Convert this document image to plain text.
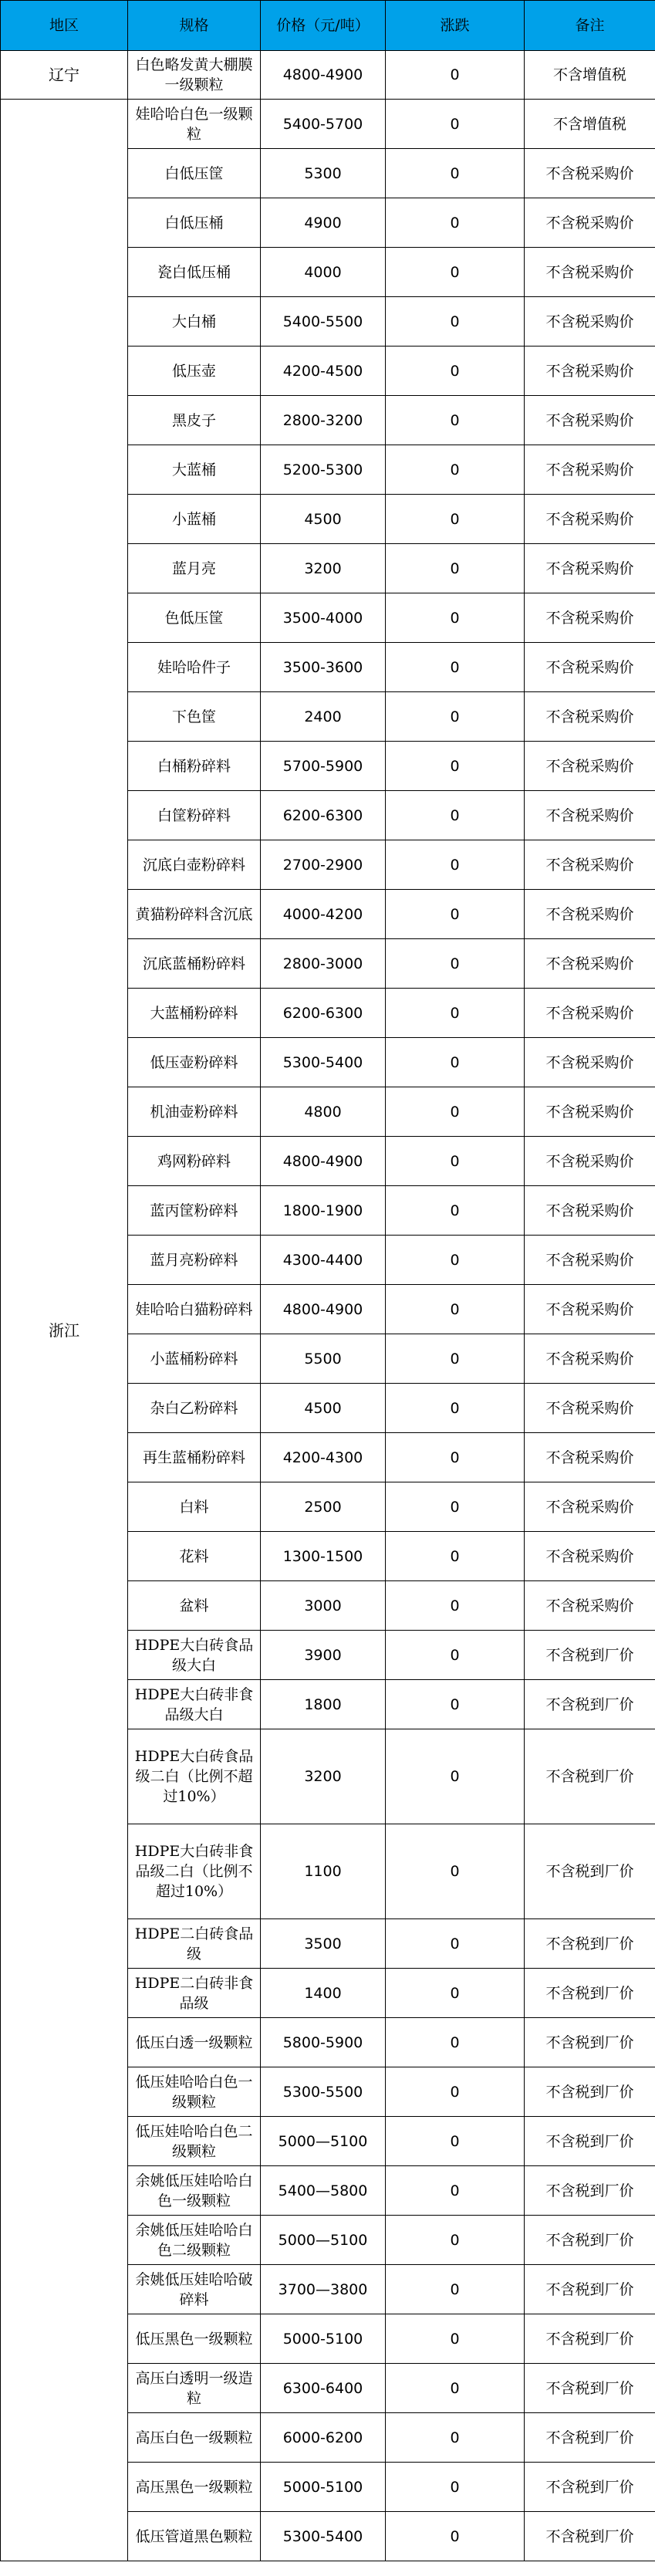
地区	规格	价格（元/吨）	涨跌	备注
辽宁	白色略发黄大棚膜一级颗粒	4800-4900	0	不含增值税
浙江	娃哈哈白色一级颗粒	5400-5700	0	不含增值税
	白低压筐	5300	0	不含税采购价
	白低压桶	4900	0	不含税采购价
	瓷白低压桶	4000	0	不含税采购价
	大白桶	5400-5500	0	不含税采购价
	低压壶	4200-4500	0	不含税采购价
	黑皮子	2800-3200	0	不含税采购价
	大蓝桶	5200-5300	0	不含税采购价
	小蓝桶	4500	0	不含税采购价
	蓝月亮	3200	0	不含税采购价
	色低压筐	3500-4000	0	不含税采购价
	娃哈哈件子	3500-3600	0	不含税采购价
	下色筐	2400	0	不含税采购价
	白桶粉碎料	5700-5900	0	不含税采购价
	白筐粉碎料	6200-6300	0	不含税采购价
	沉底白壶粉碎料	2700-2900	0	不含税采购价
	黄猫粉碎料含沉底	4000-4200	0	不含税采购价
	沉底蓝桶粉碎料	2800-3000	0	不含税采购价
	大蓝桶粉碎料	6200-6300	0	不含税采购价
	低压壶粉碎料	5300-5400	0	不含税采购价
	机油壶粉碎料	4800	0	不含税采购价
	鸡网粉碎料	4800-4900	0	不含税采购价
	蓝丙筐粉碎料	1800-1900	0	不含税采购价
	蓝月亮粉碎料	4300-4400	0	不含税采购价
	娃哈哈白猫粉碎料	4800-4900	0	不含税采购价
	小蓝桶粉碎料	5500	0	不含税采购价
	杂白乙粉碎料	4500	0	不含税采购价
	再生蓝桶粉碎料	4200-4300	0	不含税采购价
	白料	2500	0	不含税采购价
	花料	1300-1500	0	不含税采购价
	盆料	3000	0	不含税采购价
	HDPE大白砖食品级大白	3900	0	不含税到厂价
	HDPE大白砖非食品级大白	1800	0	不含税到厂价
	HDPE大白砖食品级二白（比例不超过10%）	3200	0	不含税到厂价
	HDPE大白砖非食品级二白（比例不超过10%）	1100	0	不含税到厂价
	HDPE二白砖食品级	3500	0	不含税到厂价
	HDPE二白砖非食品级	1400	0	不含税到厂价
	低压白透一级颗粒	5800-5900	0	不含税到厂价
	低压娃哈哈白色一级颗粒	5300-5500	0	不含税到厂价
	低压娃哈哈白色二级颗粒	5000—5100	0	不含税到厂价
	余姚低压娃哈哈白色一级颗粒	5400—5800	0	不含税到厂价
	余姚低压娃哈哈白色二级颗粒	5000—5100	0	不含税到厂价
	余姚低压娃哈哈破碎料	3700—3800	0	不含税到厂价
	低压黑色一级颗粒	5000-5100	0	不含税到厂价
	高压白透明一级造粒	6300-6400	0	不含税到厂价
	高压白色一级颗粒	6000-6200	0	不含税到厂价
	高压黑色一级颗粒	5000-5100	0	不含税到厂价
	低压管道黑色颗粒	5300-5400	0	不含税到厂价
